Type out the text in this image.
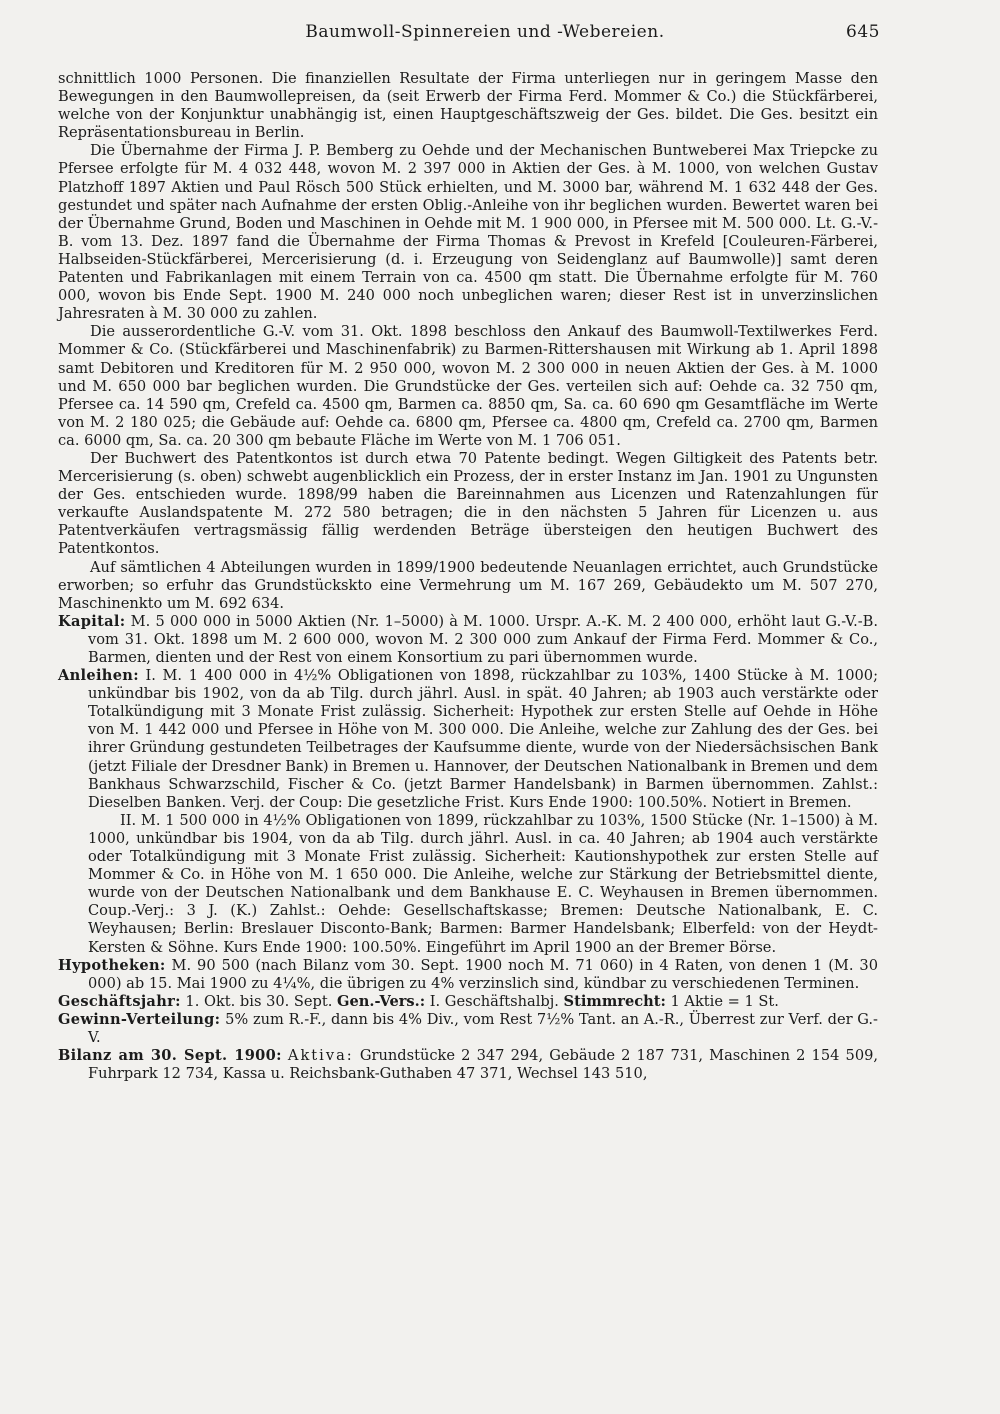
Baumwoll-Spinnereien und -Webereien.	645

schnittlich 1000 Personen. Die finanziellen Resultate der Firma unterliegen nur in geringem Masse den Bewegungen in den Baumwollepreisen, da (seit Erwerb der Firma Ferd. Mommer & Co.) die Stückfärberei, welche von der Konjunktur unabhängig ist, einen Hauptgeschäftszweig der Ges. bildet. Die Ges. besitzt ein Repräsentationsbureau in Berlin.

Die Übernahme der Firma J. P. Bemberg zu Oehde und der Mechanischen Buntweberei Max Triepcke zu Pfersee erfolgte für M. 4 032 448, wovon M. 2 397 000 in Aktien der Ges. à M. 1000, von welchen Gustav Platzhoff 1897 Aktien und Paul Rösch 500 Stück erhielten, und M. 3000 bar, während M. 1 632 448 der Ges. gestundet und später nach Aufnahme der ersten Oblig.-Anleihe von ihr beglichen wurden. Bewertet waren bei der Übernahme Grund, Boden und Maschinen in Oehde mit M. 1 900 000, in Pfersee mit M. 500 000. Lt. G.-V.-B. vom 13. Dez. 1897 fand die Übernahme der Firma Thomas & Prevost in Krefeld [Couleuren-Färberei, Halbseiden-Stückfärberei, Mercerisierung (d. i. Erzeugung von Seidenglanz auf Baumwolle)] samt deren Patenten und Fabrikanlagen mit einem Terrain von ca. 4500 qm statt. Die Übernahme erfolgte für M. 760 000, wovon bis Ende Sept. 1900 M. 240 000 noch unbeglichen waren; dieser Rest ist in unverzinslichen Jahresraten à M. 30 000 zu zahlen.

Die ausserordentliche G.-V. vom 31. Okt. 1898 beschloss den Ankauf des Baumwoll-Textilwerkes Ferd. Mommer & Co. (Stückfärberei und Maschinenfabrik) zu Barmen-Rittershausen mit Wirkung ab 1. April 1898 samt Debitoren und Kreditoren für M. 2 950 000, wovon M. 2 300 000 in neuen Aktien der Ges. à M. 1000 und M. 650 000 bar beglichen wurden. Die Grundstücke der Ges. verteilen sich auf: Oehde ca. 32 750 qm, Pfersee ca. 14 590 qm, Crefeld ca. 4500 qm, Barmen ca. 8850 qm, Sa. ca. 60 690 qm Gesamtfläche im Werte von M. 2 180 025; die Gebäude auf: Oehde ca. 6800 qm, Pfersee ca. 4800 qm, Crefeld ca. 2700 qm, Barmen ca. 6000 qm, Sa. ca. 20 300 qm bebaute Fläche im Werte von M. 1 706 051.

Der Buchwert des Patentkontos ist durch etwa 70 Patente bedingt. Wegen Giltigkeit des Patents betr. Mercerisierung (s. oben) schwebt augenblicklich ein Prozess, der in erster Instanz im Jan. 1901 zu Ungunsten der Ges. entschieden wurde. 1898/99 haben die Bareinnahmen aus Licenzen und Ratenzahlungen für verkaufte Auslandspatente M. 272 580 betragen; die in den nächsten 5 Jahren für Licenzen u. aus Patentverkäufen vertragsmässig fällig werdenden Beträge übersteigen den heutigen Buchwert des Patentkontos.

Auf sämtlichen 4 Abteilungen wurden in 1899/1900 bedeutende Neuanlagen errichtet, auch Grundstücke erworben; so erfuhr das Grundstückskto eine Vermehrung um M. 167 269, Gebäudekto um M. 507 270, Maschinenkto um M. 692 634.

Kapital: M. 5 000 000 in 5000 Aktien (Nr. 1–5000) à M. 1000. Urspr. A.-K. M. 2 400 000, erhöht laut G.-V.-B. vom 31. Okt. 1898 um M. 2 600 000, wovon M. 2 300 000 zum Ankauf der Firma Ferd. Mommer & Co., Barmen, dienten und der Rest von einem Konsortium zu pari übernommen wurde.

Anleihen: I. M. 1 400 000 in 4½% Obligationen von 1898, rückzahlbar zu 103%, 1400 Stücke à M. 1000; unkündbar bis 1902, von da ab Tilg. durch jährl. Ausl. in spät. 40 Jahren; ab 1903 auch verstärkte oder Totalkündigung mit 3 Monate Frist zulässig. Sicherheit: Hypothek zur ersten Stelle auf Oehde in Höhe von M. 1 442 000 und Pfersee in Höhe von M. 300 000. Die Anleihe, welche zur Zahlung des der Ges. bei ihrer Gründung gestundeten Teilbetrages der Kaufsumme diente, wurde von der Niedersächsischen Bank (jetzt Filiale der Dresdner Bank) in Bremen u. Hannover, der Deutschen Nationalbank in Bremen und dem Bankhaus Schwarzschild, Fischer & Co. (jetzt Barmer Handelsbank) in Barmen übernommen. Zahlst.: Dieselben Banken. Verj. der Coup: Die gesetzliche Frist. Kurs Ende 1900: 100.50%. Notiert in Bremen.

II. M. 1 500 000 in 4½% Obligationen von 1899, rückzahlbar zu 103%, 1500 Stücke (Nr. 1–1500) à M. 1000, unkündbar bis 1904, von da ab Tilg. durch jährl. Ausl. in ca. 40 Jahren; ab 1904 auch verstärkte oder Totalkündigung mit 3 Monate Frist zulässig. Sicherheit: Kautionshypothek zur ersten Stelle auf Mommer & Co. in Höhe von M. 1 650 000. Die Anleihe, welche zur Stärkung der Betriebsmittel diente, wurde von der Deutschen Nationalbank und dem Bankhause E. C. Weyhausen in Bremen übernommen. Coup.-Verj.: 3 J. (K.) Zahlst.: Oehde: Gesellschaftskasse; Bremen: Deutsche Nationalbank, E. C. Weyhausen; Berlin: Breslauer Disconto-Bank; Barmen: Barmer Handelsbank; Elberfeld: von der Heydt-Kersten & Söhne. Kurs Ende 1900: 100.50%. Eingeführt im April 1900 an der Bremer Börse.

Hypotheken: M. 90 500 (nach Bilanz vom 30. Sept. 1900 noch M. 71 060) in 4 Raten, von denen 1 (M. 30 000) ab 15. Mai 1900 zu 4¼%, die übrigen zu 4% verzinslich sind, kündbar zu verschiedenen Terminen.

Geschäftsjahr: 1. Okt. bis 30. Sept. Gen.-Vers.: I. Geschäftshalbj. Stimmrecht: 1 Aktie = 1 St.

Gewinn-Verteilung: 5% zum R.-F., dann bis 4% Div., vom Rest 7½% Tant. an A.-R., Überrest zur Verf. der G.-V.

Bilanz am 30. Sept. 1900: Aktiva: Grundstücke 2 347 294, Gebäude 2 187 731, Maschinen 2 154 509, Fuhrpark 12 734, Kassa u. Reichsbank-Guthaben 47 371, Wechsel 143 510,
